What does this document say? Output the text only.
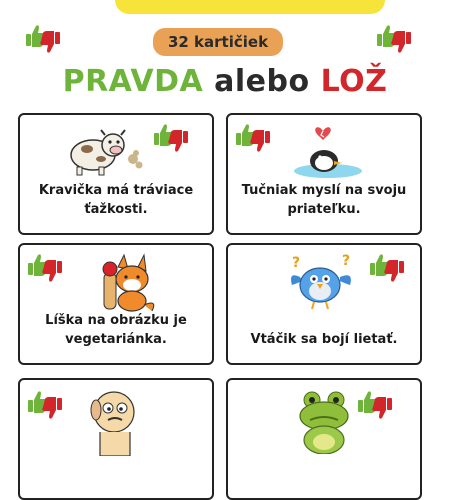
32 kartičiek
PRAVDA alebo LOŽ
Kravička má tráviace ťažkosti.
Tučniak myslí na svoju priateľku.
Líška na obrázku je vegetariánka.
?	?
Vtáčik sa bojí lietať.
